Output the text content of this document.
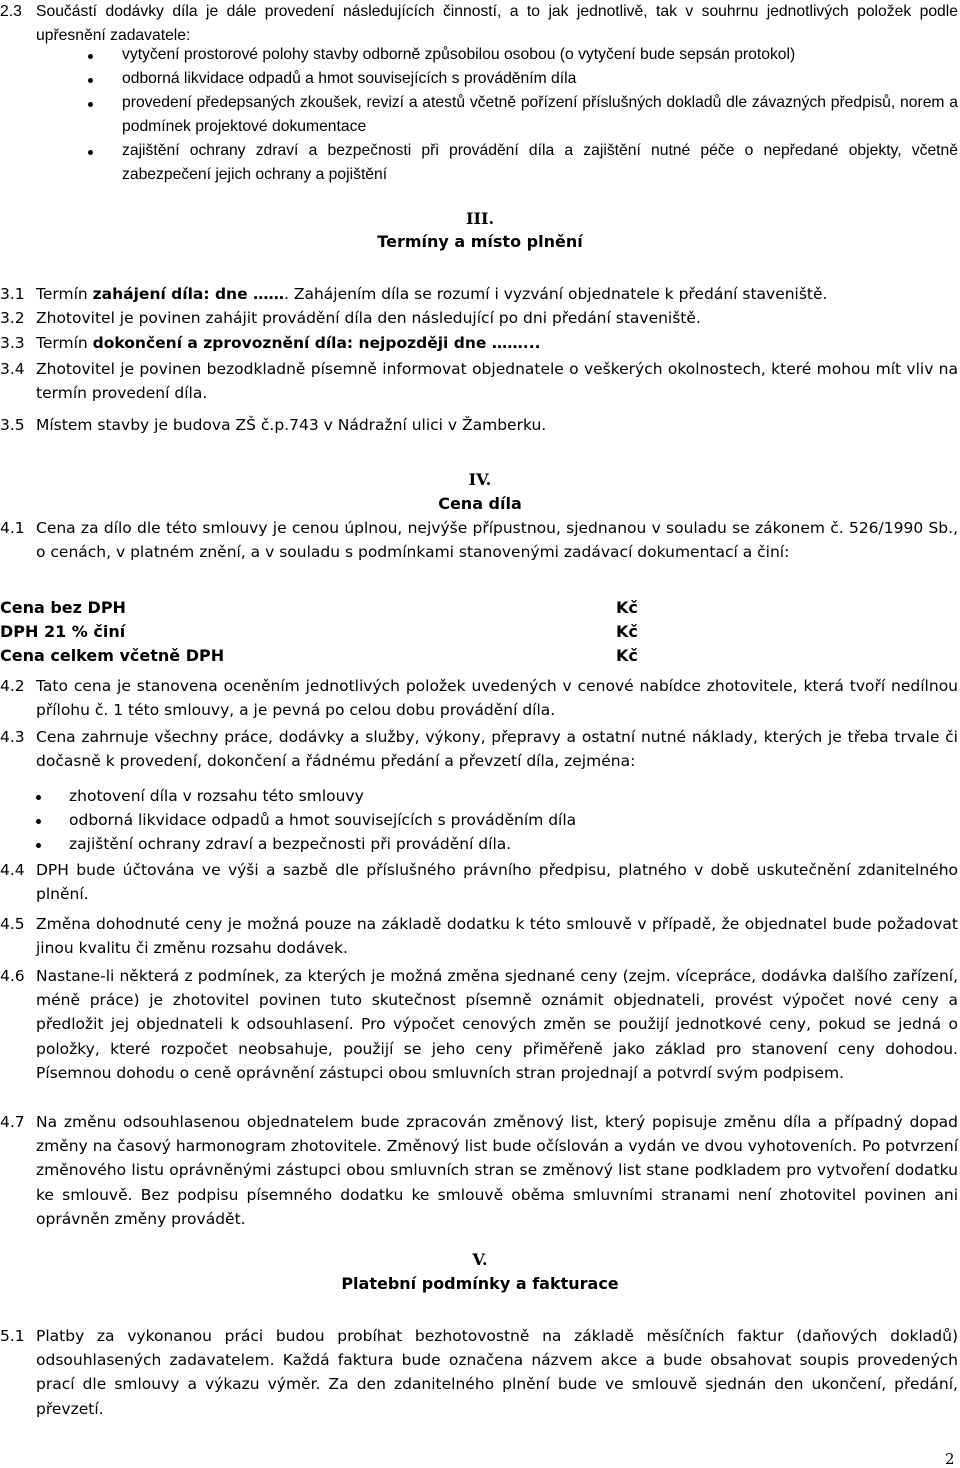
2.3 Součástí dodávky díla je dále provedení následujících činností, a to jak jednotlivě, tak v souhrnu jednotlivých položek podle upřesnění zadavatele:
vytyčení prostorové polohy stavby odborně způsobilou osobou (o vytyčení bude sepsán protokol)
odborná likvidace odpadů a hmot souvisejících s prováděním díla
provedení předepsaných zkoušek, revizí a atestů včetně pořízení příslušných dokladů dle závazných předpisů, norem a podmínek projektové dokumentace
zajištění ochrany zdraví a bezpečnosti při provádění díla a zajištění nutné péče o nepředané objekty, včetně zabezpečení jejich ochrany a pojištění
III.
Termíny a místo plnění
3.1 Termín zahájení díla: dne ……. Zahájením díla se rozumí i vyzvání objednatele k předání staveniště.
3.2 Zhotovitel je povinen zahájit provádění díla den následující po dni předání staveniště.
3.3 Termín dokončení a zprovoznění díla: nejpozději dne ……...
3.4 Zhotovitel je povinen bezodkladně písemně informovat objednatele o veškerých okolnostech, které mohou mít vliv na termín provedení díla.
3.5 Místem stavby je budova ZŠ č.p.743 v Nádražní ulici v Žamberku.
IV.
Cena díla
4.1 Cena za dílo dle této smlouvy je cenou úplnou, nejvýše přípustnou, sjednanou v souladu se zákonem č. 526/1990 Sb., o cenách, v platném znění, a v souladu s podmínkami stanovenými zadávací dokumentací a činí:
Cena bez DPH	Kč
DPH 21 % činí	Kč
Cena celkem včetně DPH	Kč
4.2 Tato cena je stanovena oceněním jednotlivých položek uvedených v cenové nabídce zhotovitele, která tvoří nedílnou přílohu č. 1 této smlouvy, a je pevná po celou dobu provádění díla.
4.3 Cena zahrnuje všechny práce, dodávky a služby, výkony, přepravy a ostatní nutné náklady, kterých je třeba trvale či dočasně k provedení, dokončení a řádnému předání a převzetí díla, zejména:
zhotovení díla v rozsahu této smlouvy
odborná likvidace odpadů a hmot souvisejících s prováděním díla
zajištění ochrany zdraví a bezpečnosti při provádění díla.
4.4 DPH bude účtována ve výši a sazbě dle příslušného právního předpisu, platného v době uskutečnění zdanitelného plnění.
4.5 Změna dohodnuté ceny je možná pouze na základě dodatku k této smlouvě v případě, že objednatel bude požadovat jinou kvalitu či změnu rozsahu dodávek.
4.6 Nastane-li některá z podmínek, za kterých je možná změna sjednané ceny (zejm. vícepráce, dodávka dalšího zařízení, méně práce) je zhotovitel povinen tuto skutečnost písemně oznámit objednateli, provést výpočet nové ceny a předložit jej objednateli k odsouhlasení. Pro výpočet cenových změn se použijí jednotkové ceny, pokud se jedná o položky, které rozpočet neobsahuje, použijí se jeho ceny přiměřeně jako základ pro stanovení ceny dohodou. Písemnou dohodu o ceně oprávnění zástupci obou smluvních stran projednají a potvrdí svým podpisem.
4.7 Na změnu odsouhlasenou objednatelem bude zpracován změnový list, který popisuje změnu díla a případný dopad změny na časový harmonogram zhotovitele. Změnový list bude očíslován a vydán ve dvou vyhotoveních. Po potvrzení změnového listu oprávněnými zástupci obou smluvních stran se změnový list stane podkladem pro vytvoření dodatku ke smlouvě. Bez podpisu písemného dodatku ke smlouvě oběma smluvními stranami není zhotovitel povinen ani oprávněn změny provádět.
V.
Platební podmínky a fakturace
5.1 Platby za vykonanou práci budou probíhat bezhotovostně na základě měsíčních faktur (daňových dokladů) odsouhlasených zadavatelem. Každá faktura bude označena názvem akce a bude obsahovat soupis provedených prací dle smlouvy a výkazu výměr. Za den zdanitelného plnění bude ve smlouvě sjednán den ukončení, předání, převzetí.
2
